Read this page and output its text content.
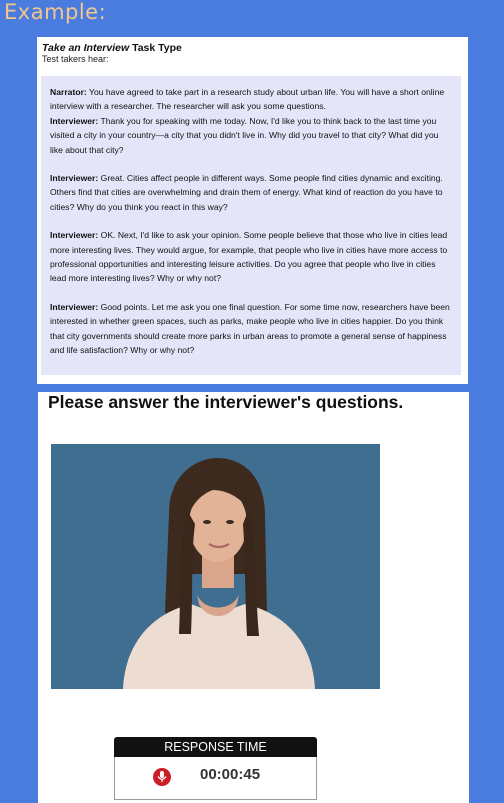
Example:
Take an Interview Task Type
Test takers hear:

Narrator: You have agreed to take part in a research study about urban life. You will have a short online interview with a researcher. The researcher will ask you some questions.
Interviewer: Thank you for speaking with me today. Now, I'd like you to think back to the last time you visited a city in your country—a city that you didn't live in. Why did you travel to that city? What did you like about that city?

Interviewer: Great. Cities affect people in different ways. Some people find cities dynamic and exciting. Others find that cities are overwhelming and drain them of energy. What kind of reaction do you have to cities? Why do you think you react in this way?

Interviewer: OK. Next, I'd like to ask your opinion. Some people believe that those who live in cities lead more interesting lives. They would argue, for example, that people who live in cities have more access to professional opportunities and interesting leisure activities. Do you agree that people who live in cities lead more interesting lives? Why or why not?

Interviewer: Good points. Let me ask you one final question. For some time now, researchers have been interested in whether green spaces, such as parks, make people who live in cities happier. Do you think that city governments should create more parks in urban areas to promote a general sense of happiness and life satisfaction? Why or why not?

Please answer the interviewer's questions.
RESPONSE TIME
00:00:45
